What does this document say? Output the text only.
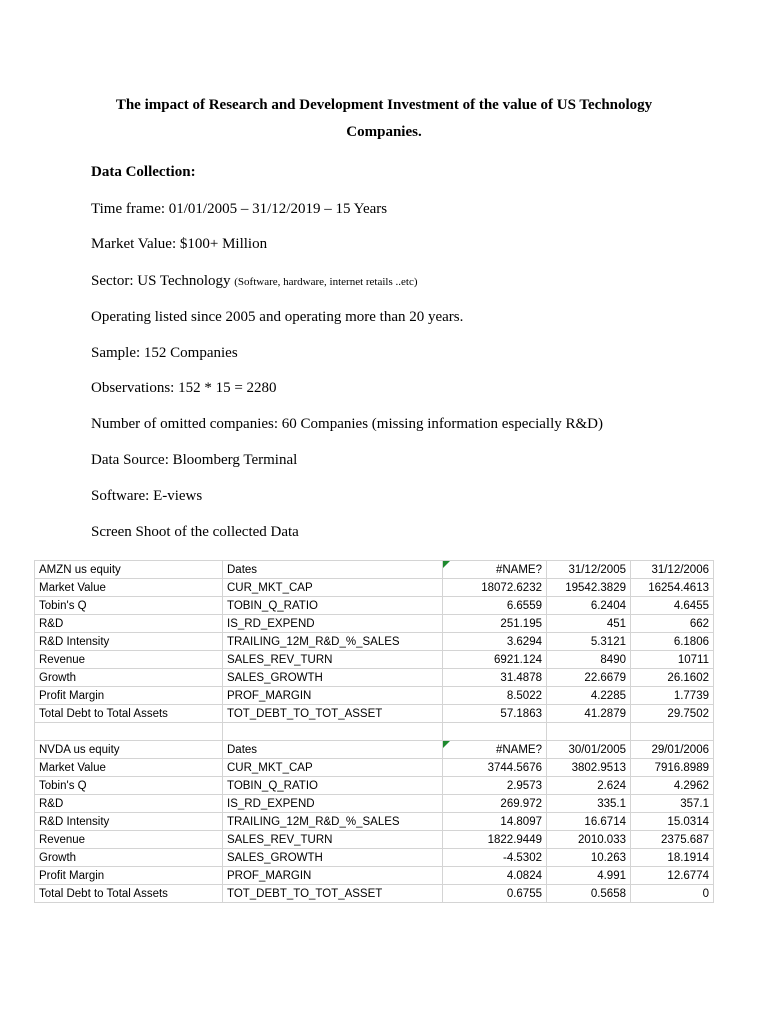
The impact of Research and Development Investment of the value of US Technology Companies.
Data Collection:
Time frame: 01/01/2005 – 31/12/2019 – 15 Years
Market Value: $100+ Million
Sector: US Technology (Software, hardware, internet retails ..etc)
Operating listed since 2005 and operating more than 20 years.
Sample: 152 Companies
Observations: 152 * 15 = 2280
Number of omitted companies: 60 Companies (missing information especially R&D)
Data Source: Bloomberg Terminal
Software: E-views
Screen Shoot of the collected Data
AMZN us equity	Dates	#NAME?	31/12/2005	31/12/2006
Market Value	CUR_MKT_CAP	18072.6232	19542.3829	16254.4613
Tobin's Q	TOBIN_Q_RATIO	6.6559	6.2404	4.6455
R&D	IS_RD_EXPEND	251.195	451	662
R&D Intensity	TRAILING_12M_R&D_%_SALES	3.6294	5.3121	6.1806
Revenue	SALES_REV_TURN	6921.124	8490	10711
Growth	SALES_GROWTH	31.4878	22.6679	26.1602
Profit Margin	PROF_MARGIN	8.5022	4.2285	1.7739
Total Debt to Total Assets	TOT_DEBT_TO_TOT_ASSET	57.1863	41.2879	29.7502

NVDA us equity	Dates	#NAME?	30/01/2005	29/01/2006
Market Value	CUR_MKT_CAP	3744.5676	3802.9513	7916.8989
Tobin's Q	TOBIN_Q_RATIO	2.9573	2.624	4.2962
R&D	IS_RD_EXPEND	269.972	335.1	357.1
R&D Intensity	TRAILING_12M_R&D_%_SALES	14.8097	16.6714	15.0314
Revenue	SALES_REV_TURN	1822.9449	2010.033	2375.687
Growth	SALES_GROWTH	-4.5302	10.263	18.1914
Profit Margin	PROF_MARGIN	4.0824	4.991	12.6774
Total Debt to Total Assets	TOT_DEBT_TO_TOT_ASSET	0.6755	0.5658	0
